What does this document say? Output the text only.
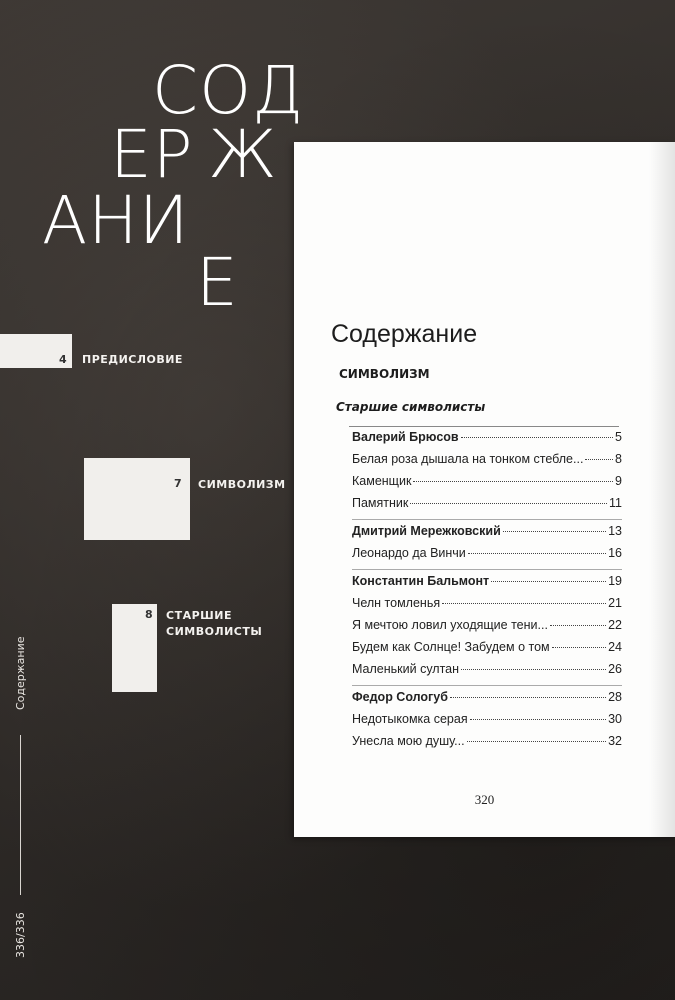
СОД
ЕР Ж
АНИ
Е
4 ПРЕДИСЛОВИЕ
7 СИМВОЛИЗМ
8 СТАРШИЕ
СИМВОЛИСТЫ
Содержание
336/336
Содержание
СИМВОЛИЗМ
Старшие символисты
Валерий Брюсов	5
Белая роза дышала на тонком стебле...	8
Каменщик	9
Памятник	11
Дмитрий Мережковский	13
Леонардо да Винчи	16
Константин Бальмонт	19
Челн томленья	21
Я мечтою ловил уходящие тени...	22
Будем как Солнце! Забудем о том	24
Маленький султан	26
Федор Сологуб	28
Недотыкомка серая	30
Унесла мою душу...	32
320
